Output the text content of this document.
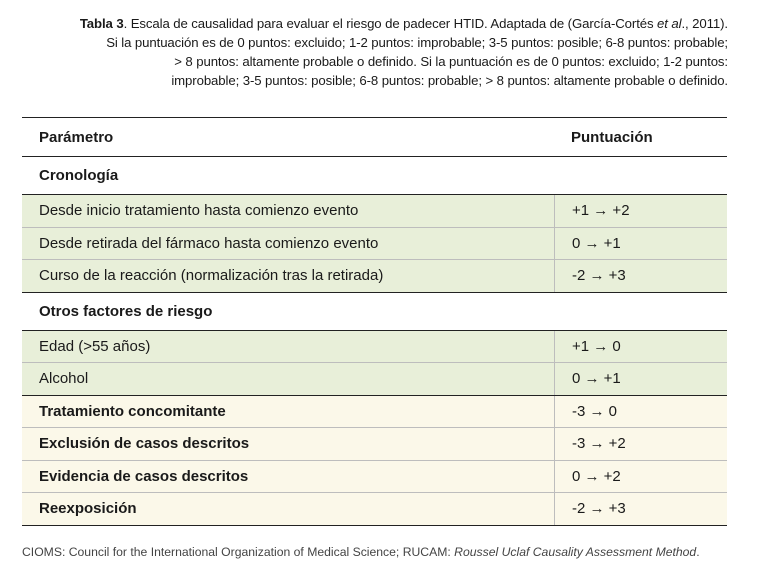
Tabla 3. Escala de causalidad para evaluar el riesgo de padecer HTID. Adaptada de (García-Cortés et al., 2011).
Si la puntuación es de 0 puntos: excluido; 1-2 puntos: improbable; 3-5 puntos: posible; 6-8 puntos: probable;
> 8 puntos: altamente probable o definido. Si la puntuación es de 0 puntos: excluido; 1-2 puntos:
improbable; 3-5 puntos: posible; 6-8 puntos: probable; > 8 puntos: altamente probable o definido.
Parámetro	Puntuación
Cronología
Desde inicio tratamiento hasta comienzo evento	+1 → +2
Desde retirada del fármaco hasta comienzo evento	0 → +1
Curso de la reacción (normalización tras la retirada)	-2 → +3
Otros factores de riesgo
Edad (>55 años)	+1 → 0
Alcohol	0 → +1
Tratamiento concomitante	-3 → 0
Exclusión de casos descritos	-3 → +2
Evidencia de casos descritos	0 → +2
Reexposición	-2 → +3
CIOMS: Council for the International Organization of Medical Science; RUCAM: Roussel Uclaf Causality Assessment Method.
